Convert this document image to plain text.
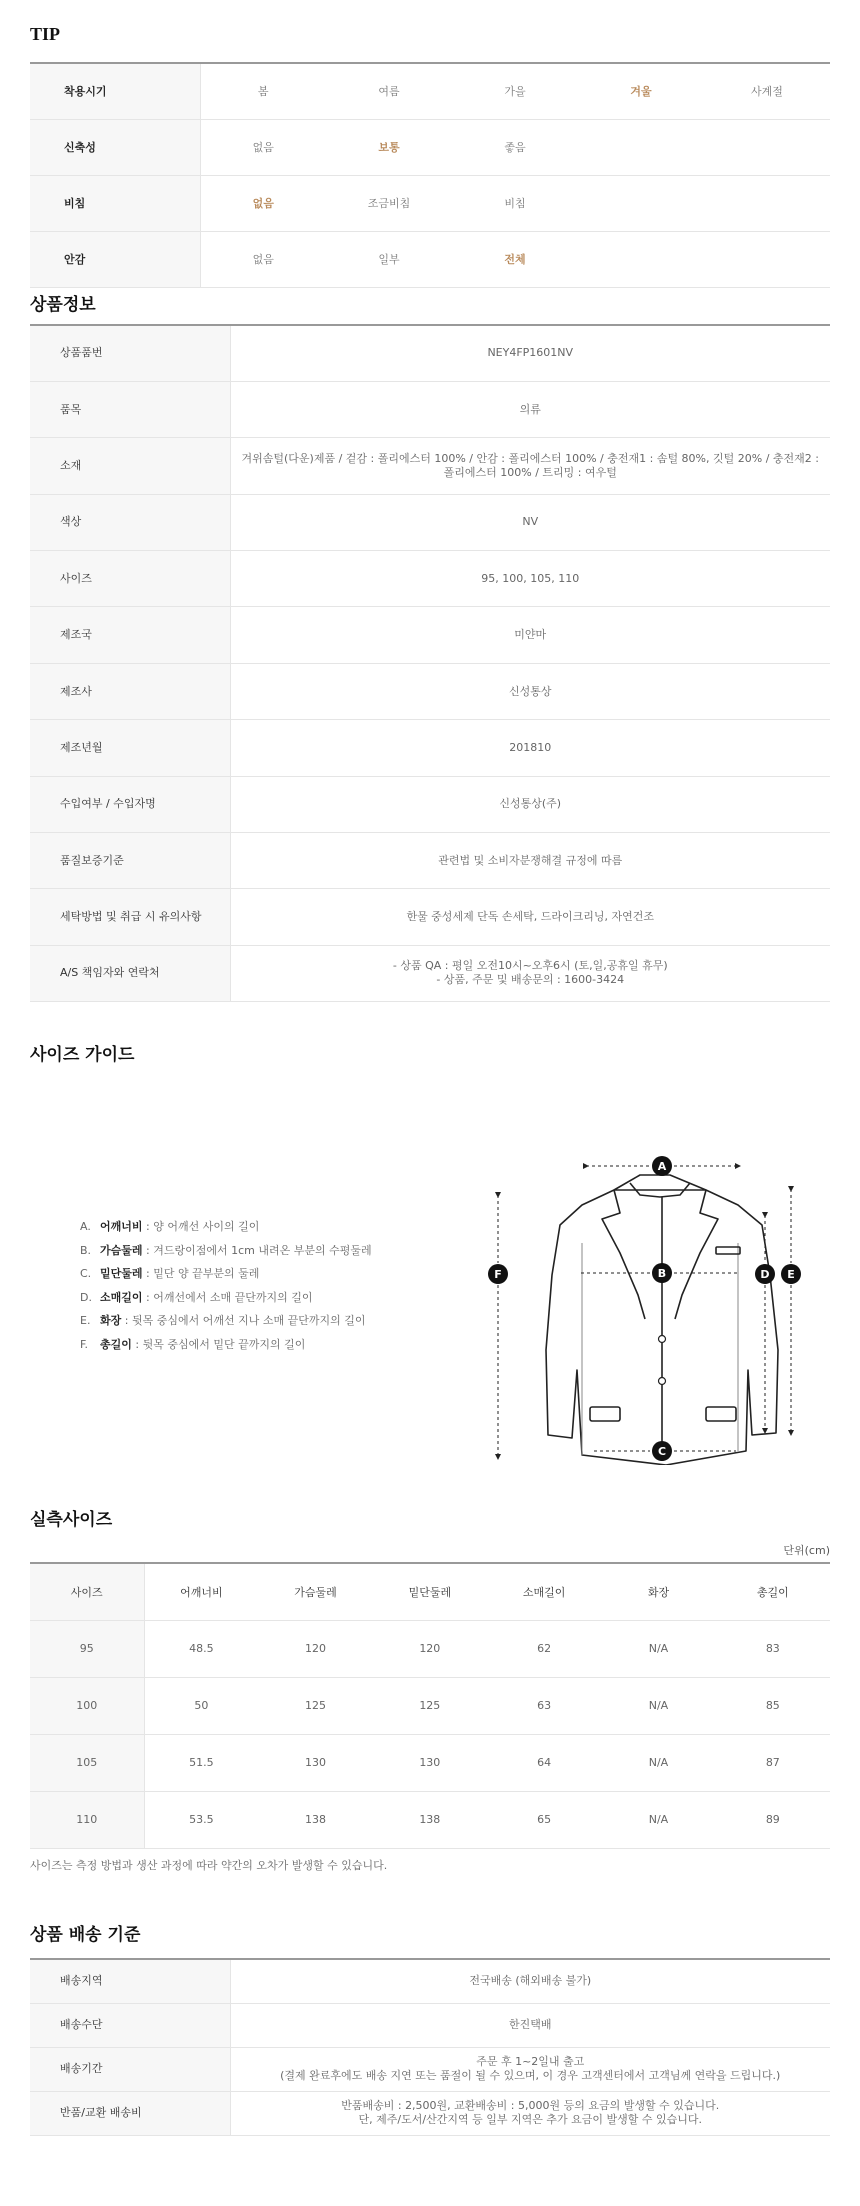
TIP
착용시기	봄	여름	가을	겨울	사계절
신축성	없음	보통	좋음		
비침	없음	조금비침	비침		
안감	없음	일부	전체		
상품정보
상품품번	NEY4FP1601NV

품목	의류

소재	겨위솜털(다운)제품 / 겉감 : 폴리에스터 100% / 안감 : 폴리에스터 100% / 충전재1 : 솜털 80%, 깃털 20% / 충전재2 : 폴리에스터 100% / 트리밍 : 여우털

색상	NV

사이즈	95, 100, 105, 110

제조국	미얀마

제조사	신성통상

제조년월	201810

수입여부 / 수입자명	신성통상(주)

품질보증기준	관련법 및 소비자분쟁해결 규정에 따름

세탁방법 및 취급 시 유의사항	한물 중성세제 단독 손세탁, 드라이크리닝, 자연건조

A/S 책임자와 연락처	- 상품 QA : 평일 오전10시~오후6시 (토,일,공휴일 휴무)
- 상품, 주문 및 배송문의 : 1600-3424
사이즈 가이드
A. 어깨너비 : 양 어깨선 사이의 길이
B. 가슴둘레 : 겨드랑이점에서 1cm 내려온 부분의 수평둘레
C. 밑단둘레 : 밑단 양 끝부분의 둘레
D. 소매길이 : 어깨선에서 소매 끝단까지의 길이
E. 화장 : 뒷목 중심에서 어깨선 지나 소매 끝단까지의 길이
F. 총길이 : 뒷목 중심에서 밑단 끝까지의 길이
A
B
C
D E
F
실측사이즈
단위(cm)
사이즈	어깨너비	가슴둘레	밑단둘레	소매길이	화장	총길이
95	48.5	120	120	62	N/A	83
100	50	125	125	63	N/A	85
105	51.5	130	130	64	N/A	87
110	53.5	138	138	65	N/A	89
사이즈는 측정 방법과 생산 과정에 따라 약간의 오차가 발생할 수 있습니다.
상품 배송 기준
배송지역	전국배송 (해외배송 불가)

배송수단	한진택배

배송기간	주문 후 1~2일내 출고
(결제 완료후에도 배송 지연 또는 품절이 될 수 있으며, 이 경우 고객센터에서 고객님께 연락을 드립니다.)

반품/교환 배송비	반품배송비 : 2,500원, 교환배송비 : 5,000원 등의 요금의 발생할 수 있습니다.
단, 제주/도서/산간지역 등 일부 지역은 추가 요금이 발생할 수 있습니다.
